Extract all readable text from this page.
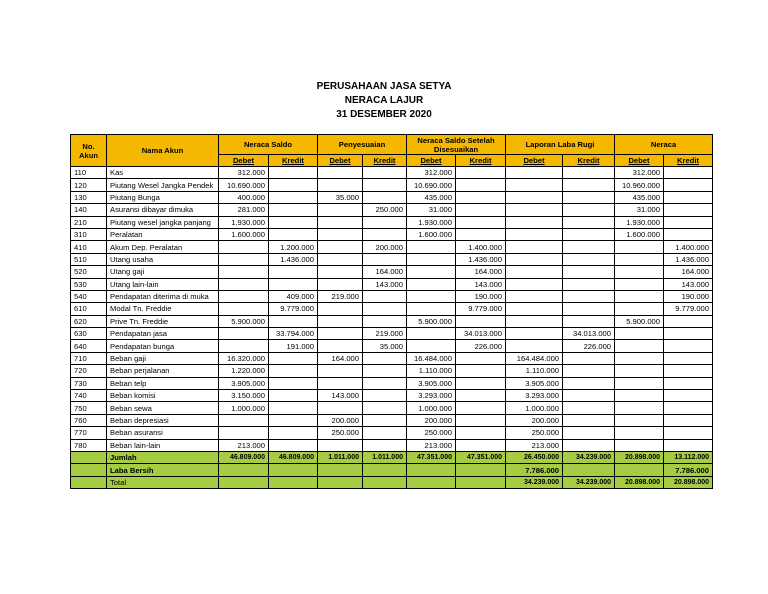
PERUSAHAAN JASA SETYA
NERACA LAJUR
31 DESEMBER 2020
No. Akun	Nama Akun	Neraca Saldo		Penyesuaian		Neraca Saldo Setelah Disesuaikan		Laporan Laba Rugi		Neraca	
		Debet	Kredit	Debet	Kredit	Debet	Kredit	Debet	Kredit	Debet	Kredit
110	Kas	312.000				312.000				312.000	
120	Piutang Wesel Jangka Pendek	10.690.000				10.690.000				10.960.000	
130	Piutang Bunga	400.000		35.000		435.000				435.000	
140	Asuransi dibayar dimuka	281.000			250.000	31.000				31.000	
210	Piutang wesel jangka panjang	1.930.000				1.930.000				1.930.000	
310	Peralatan	1.600.000				1.600.000				1.600.000	
410	Akum Dep. Peralatan		1.200.000		200.000		1.400.000				1.400.000
510	Utang usaha		1.436.000				1.436.000				1.436.000
520	Utang gaji				164.000		164.000				164.000
530	Utang lain-lain				143.000		143.000				143.000
540	Pendapatan diterima di muka		409.000	219.000			190.000				190.000
610	Modal Tn. Freddie		9.779.000				9.779.000				9.779.000
620	Prive Tn. Freddie	5.900.000				5.900.000				5.900.000	
630	Pendapatan jasa		33.794.000		219.000		34.013.000		34.013.000		
640	Pendapatan bunga		191.000		35.000		226.000		226.000		
710	Beban gaji	16.320.000		164.000		16.484.000		164.484.000			
720	Beban perjalanan	1.220.000				1.110.000		1.110.000			
730	Beban telp	3.905.000				3.905.000		3.905.000			
740	Beban komisi	3.150.000		143.000		3.293.000		3.293.000			
750	Beban sewa	1.000.000				1.000.000		1.000.000			
760	Beban depresiasi			200.000		200.000		200.000			
770	Beban asuransi			250.000		250.000		250.000			
780	Beban lain-lain	213.000				213.000		213.000			
	Jumlah	46.809.000	46.809.000	1.011.000	1.011.000	47.351.000	47.351.000	26.450.000	34.239.000	20.898.000	13.112.000
	Laba Bersih							7.786.000			7.786.000
	Total							34.239.000	34.239.000	20.898.000	20.898.000
